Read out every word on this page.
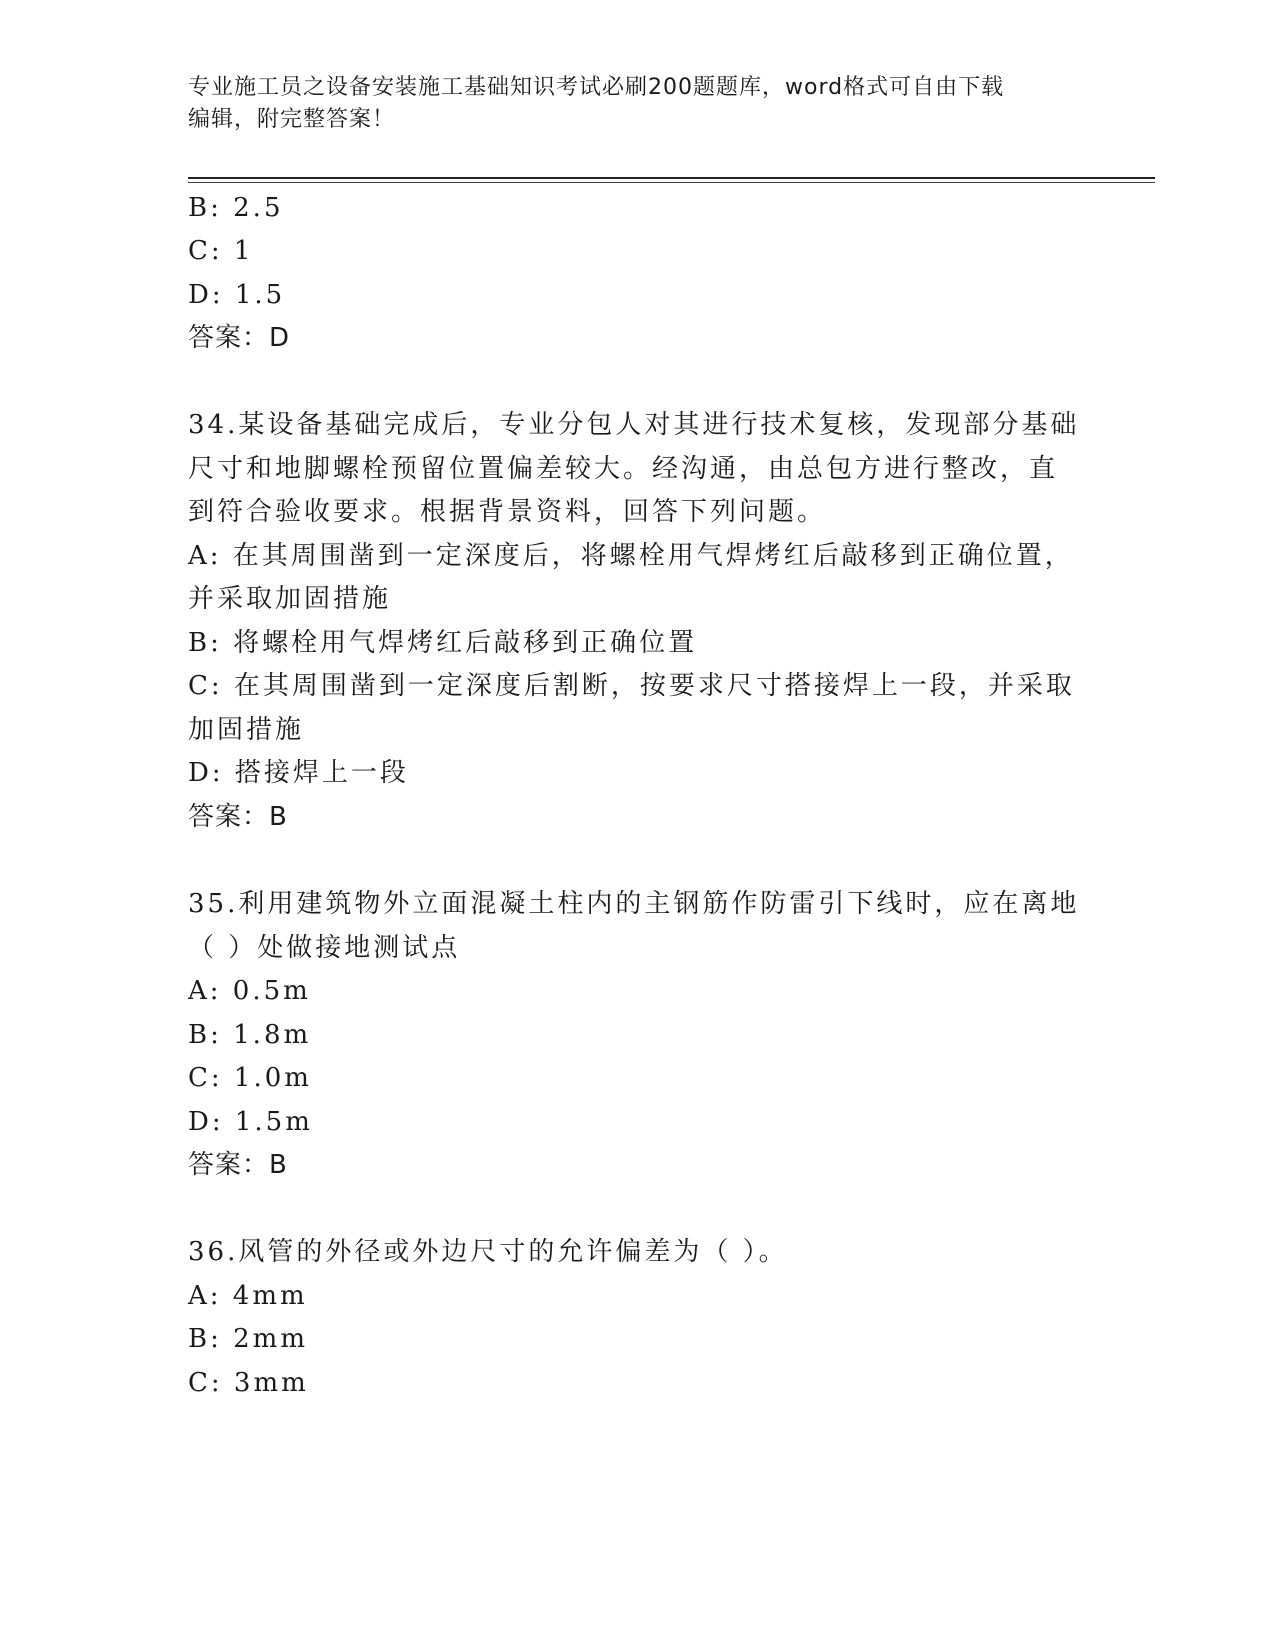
专业施工员之设备安装施工基础知识考试必刷200题题库，word格式可自由下载
编辑，附完整答案！
B: 2.5
C: 1
D: 1.5
答案：D
34.某设备基础完成后，专业分包人对其进行技术复核，发现部分基础
尺寸和地脚螺栓预留位置偏差较大。经沟通，由总包方进行整改，直
到符合验收要求。根据背景资料，回答下列问题。
A: 在其周围凿到一定深度后，将螺栓用气焊烤红后敲移到正确位置，
并采取加固措施
B: 将螺栓用气焊烤红后敲移到正确位置
C: 在其周围凿到一定深度后割断，按要求尺寸搭接焊上一段，并采取
加固措施
D: 搭接焊上一段
答案：B
35.利用建筑物外立面混凝土柱内的主钢筋作防雷引下线时，应在离地
（ ）处做接地测试点
A: 0.5m
B: 1.8m
C: 1.0m
D: 1.5m
答案：B
36.风管的外径或外边尺寸的允许偏差为（ ）。
A: 4mm
B: 2mm
C: 3mm
